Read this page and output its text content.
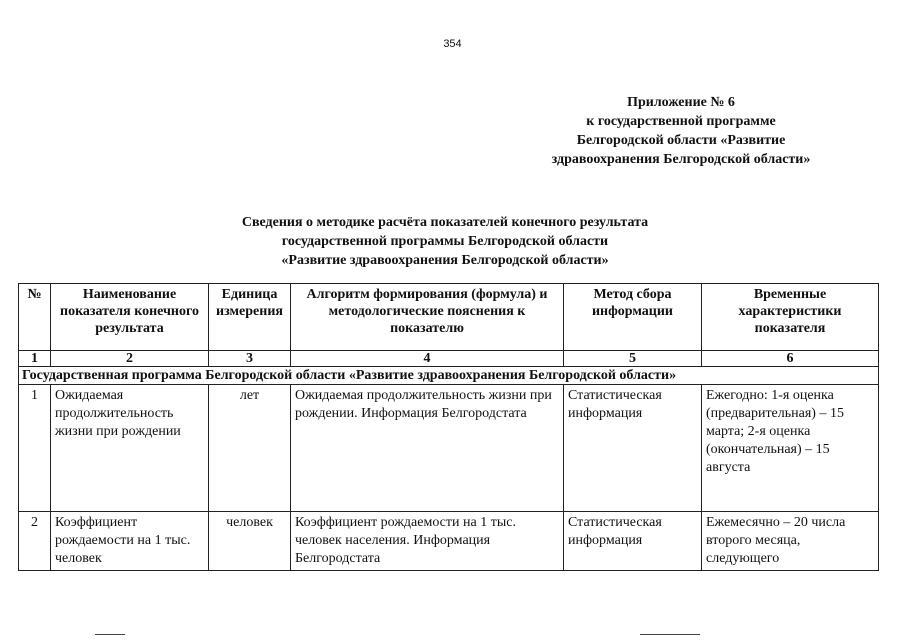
354
Приложение № 6
к государственной программе
Белгородской области «Развитие
здравоохранения Белгородской области»
Сведения о методике расчёта показателей конечного результата
государственной программы Белгородской области
«Развитие здравоохранения Белгородской области»
№	Наименование показателя конечного результата	Единица измерения	Алгоритм формирования (формула) и методологические пояснения к показателю	Метод сбора информации	Временные характеристики показателя
1	2	3	4	5	6
Государственная программа Белгородской области «Развитие здравоохранения Белгородской области»					
1	Ожидаемая продолжительность жизни при рождении	лет	Ожидаемая продолжительность жизни при рождении. Информация Белгородстата	Статистическая информация	Ежегодно: 1-я оценка (предварительная) – 15 марта; 2-я оценка (окончательная) – 15 августа
2	Коэффициент рождаемости на 1 тыс. человек	человек	Коэффициент рождаемости на 1 тыс. человек населения. Информация Белгородстата	Статистическая информация	Ежемесячно – 20 числа второго месяца, следующего
